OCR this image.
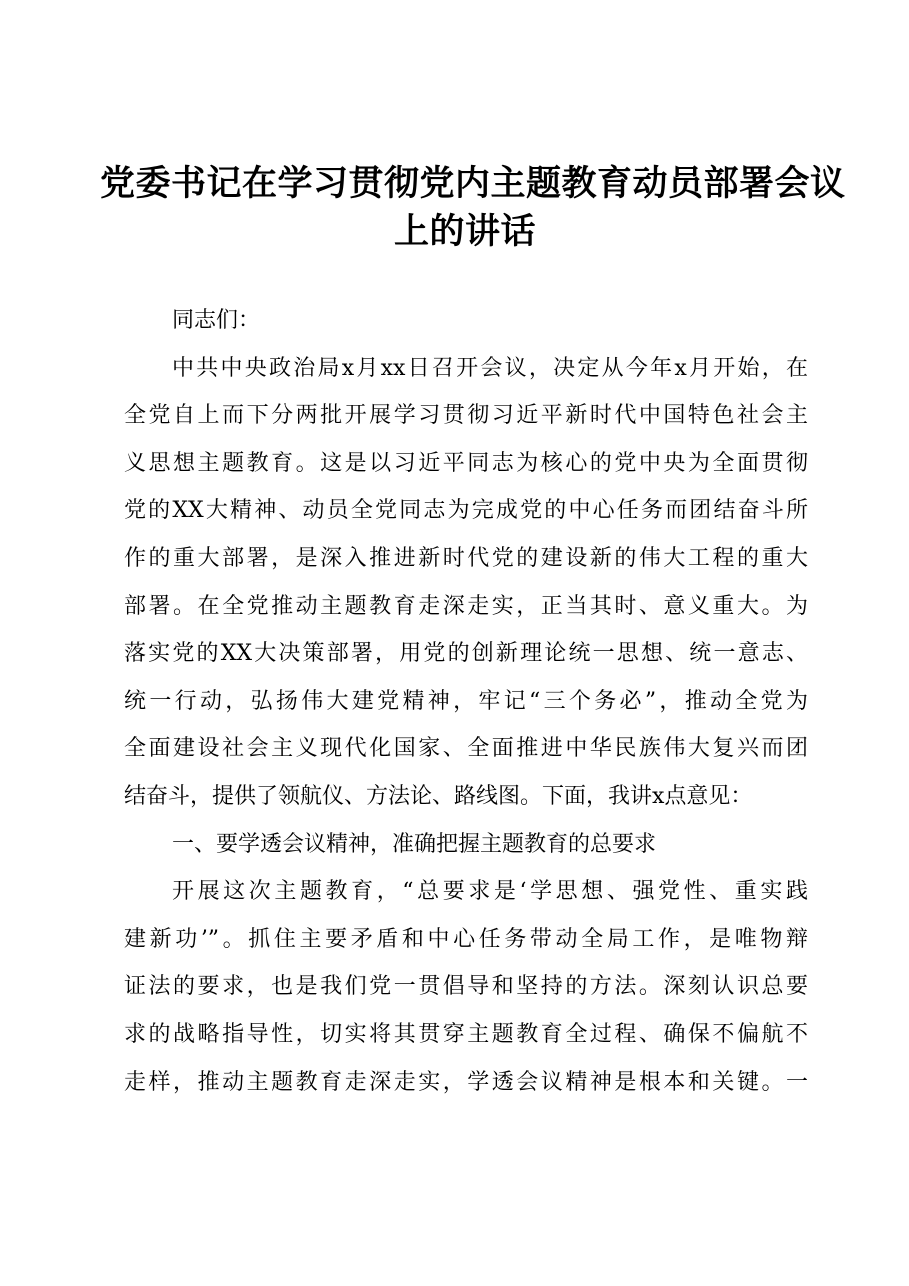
党委书记在学习贯彻党内主题教育动员部署会议
上的讲话
同志们：
中共中央政治局x月xx日召开会议，决定从今年x月开始，在
全党自上而下分两批开展学习贯彻习近平新时代中国特色社会主
义思想主题教育。这是以习近平同志为核心的党中央为全面贯彻
党的XX大精神、动员全党同志为完成党的中心任务而团结奋斗所
作的重大部署，是深入推进新时代党的建设新的伟大工程的重大
部署。在全党推动主题教育走深走实，正当其时、意义重大。为
落实党的XX大决策部署，用党的创新理论统一思想、统一意志、
统一行动，弘扬伟大建党精神，牢记“三个务必”，推动全党为
全面建设社会主义现代化国家、全面推进中华民族伟大复兴而团
结奋斗，提供了领航仪、方法论、路线图。下面，我讲x点意见：
一、要学透会议精神，准确把握主题教育的总要求
开展这次主题教育，“总要求是‘学思想、强党性、重实践
建新功’”。抓住主要矛盾和中心任务带动全局工作，是唯物辩
证法的要求，也是我们党一贯倡导和坚持的方法。深刻认识总要
求的战略指导性，切实将其贯穿主题教育全过程、确保不偏航不
走样，推动主题教育走深走实，学透会议精神是根本和关键。一
